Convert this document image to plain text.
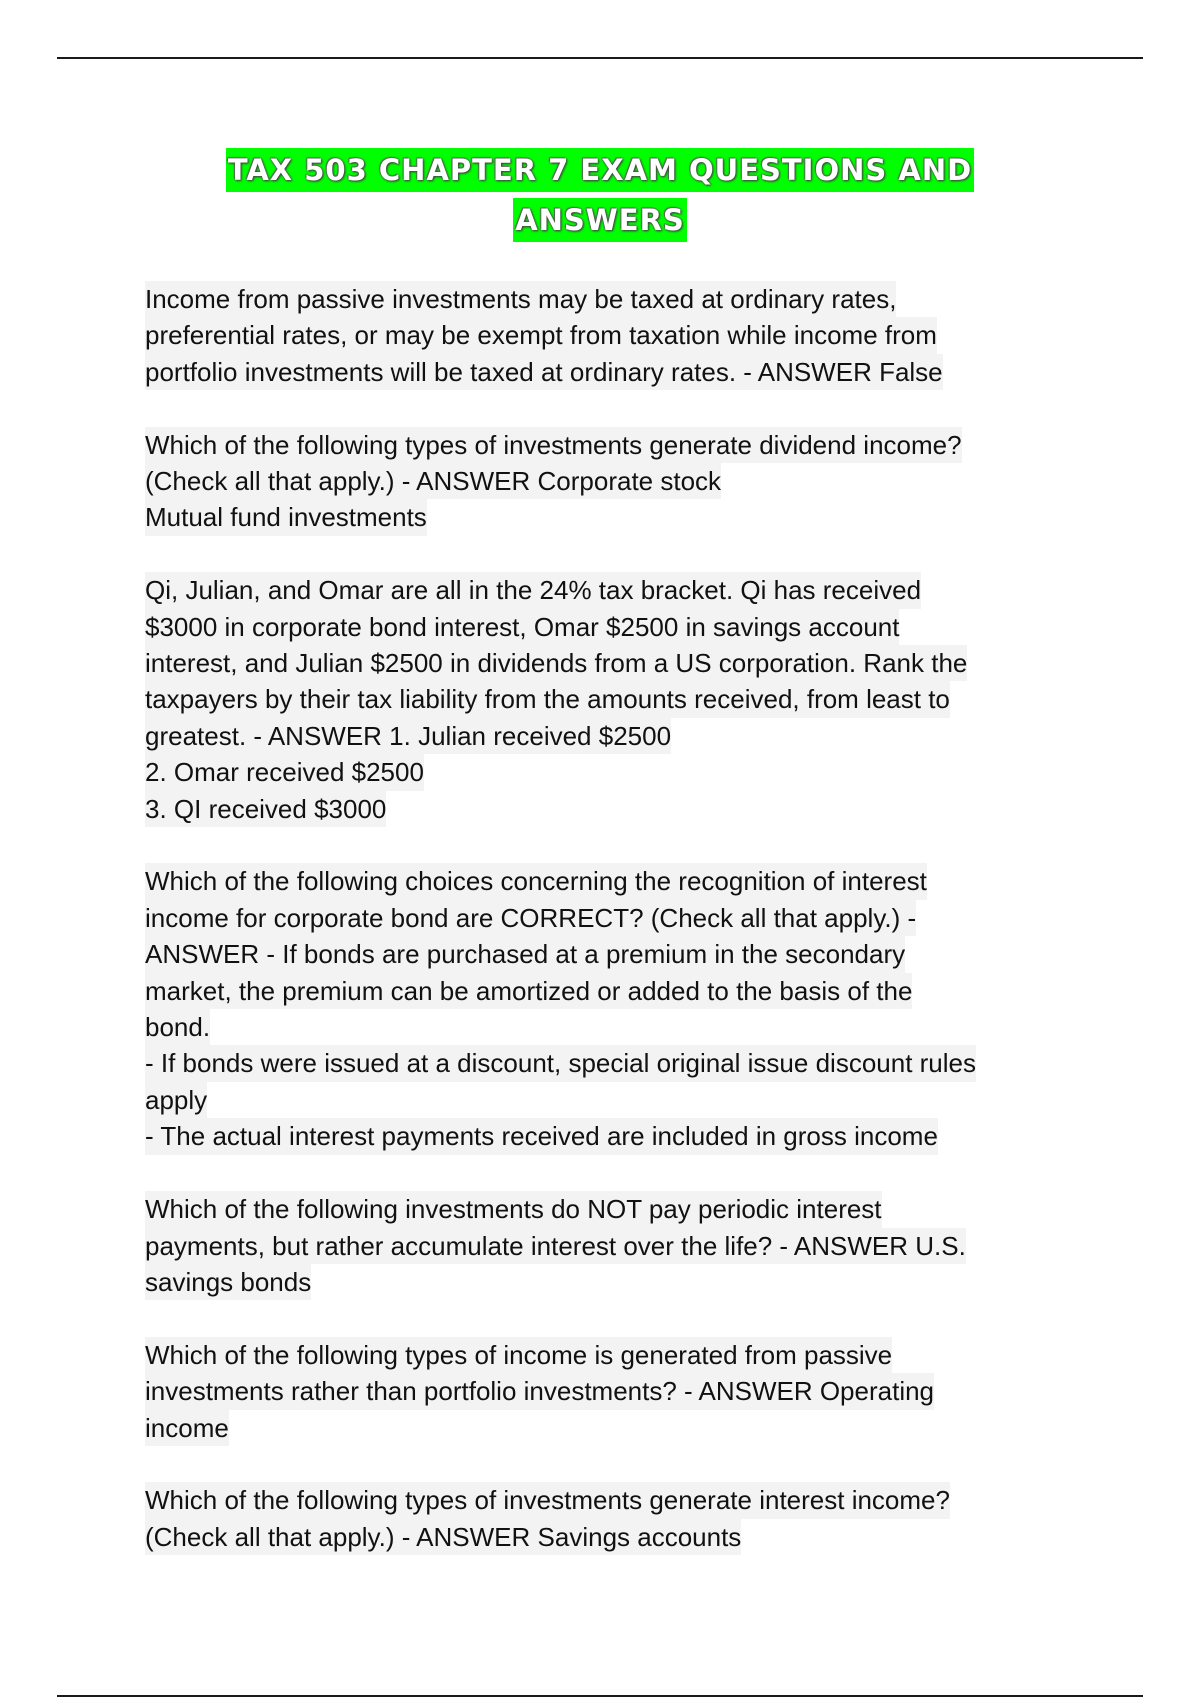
TAX 503 CHAPTER 7 EXAM QUESTIONS AND
ANSWERS
Income from passive investments may be taxed at ordinary rates,
preferential rates, or may be exempt from taxation while income from
portfolio investments will be taxed at ordinary rates. - ANSWER False
Which of the following types of investments generate dividend income?
(Check all that apply.) - ANSWER Corporate stock
Mutual fund investments
Qi, Julian, and Omar are all in the 24% tax bracket. Qi has received
$3000 in corporate bond interest, Omar $2500 in savings account
interest, and Julian $2500 in dividends from a US corporation. Rank the
taxpayers by their tax liability from the amounts received, from least to
greatest. - ANSWER 1. Julian received $2500
2. Omar received $2500
3. QI received $3000
Which of the following choices concerning the recognition of interest
income for corporate bond are CORRECT? (Check all that apply.) -
ANSWER - If bonds are purchased at a premium in the secondary
market, the premium can be amortized or added to the basis of the
bond.
- If bonds were issued at a discount, special original issue discount rules
apply
- The actual interest payments received are included in gross income
Which of the following investments do NOT pay periodic interest
payments, but rather accumulate interest over the life? - ANSWER U.S.
savings bonds
Which of the following types of income is generated from passive
investments rather than portfolio investments? - ANSWER Operating
income
Which of the following types of investments generate interest income?
(Check all that apply.) - ANSWER Savings accounts
